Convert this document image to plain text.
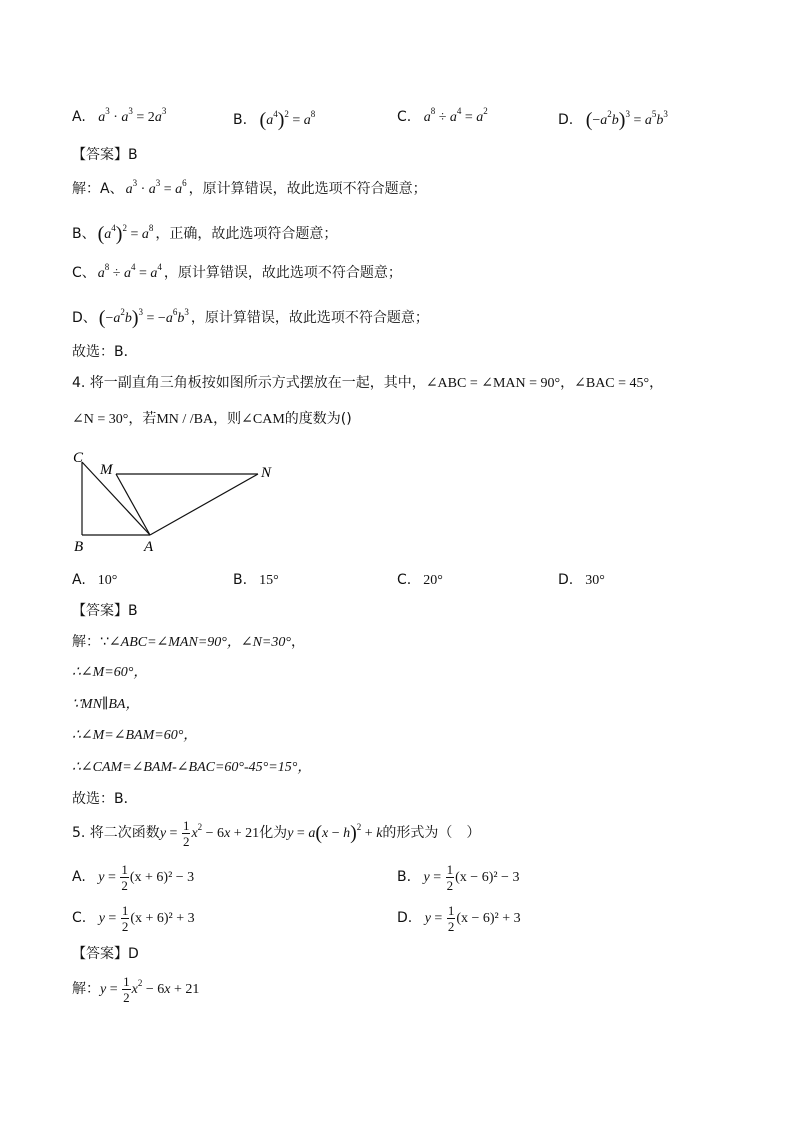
A. $a^3 \cdot a^3 = 2a^3$
B. $(a^4)^2 = a^8$	C. $a^8 \div a^4 = a^2$
D. $(-a^2b)^3 = a^5b^3$
【答案】B
解：A、 $a^3 \cdot a^3 = a^6$ ，原计算错误，故此选项不符合题意；
B、 $(a^4)^2 = a^8$ ，正确，故此选项符合题意；
C、 $a^8 \div a^4 = a^4$ ，原计算错误，故此选项不符合题意；
D、 $(-a^2b)^3 = -a^6b^3$ ，原计算错误，故此选项不符合题意；
故选：B．
4. 将一副直角三角板按如图所示方式摆放在一起，其中，∠ABC = ∠MAN = 90°，∠BAC = 45°，
∠N = 30°，若MN / /BA，则∠CAM的度数为()
C
M	N
B	A
A. 10°	B. 15°	C. 20°	D. 30°
【答案】B
解：∵∠ABC=∠MAN=90°，∠N=30°，
∴∠M=60°，
∵MN∥BA，
∴∠M=∠BAM=60°，
∴∠CAM=∠BAM-∠BAC=60°-45°=15°，
故选：B．
5. 将二次函数$y = \frac{1}{2} x^2 - 6x + 21$化为$y = a(x - h)^2 + k$的形式为（　）
A. $y = \frac{1}{2} (x + 6)^2 - 3$	B. $y = \frac{1}{2} (x - 6)^2 - 3$
C. $y = \frac{1}{2} (x + 6)^2 + 3$	D. $y = \frac{1}{2} (x - 6)^2 + 3$
【答案】D
解：$y = \frac{1}{2} x^2 - 6x + 21$
